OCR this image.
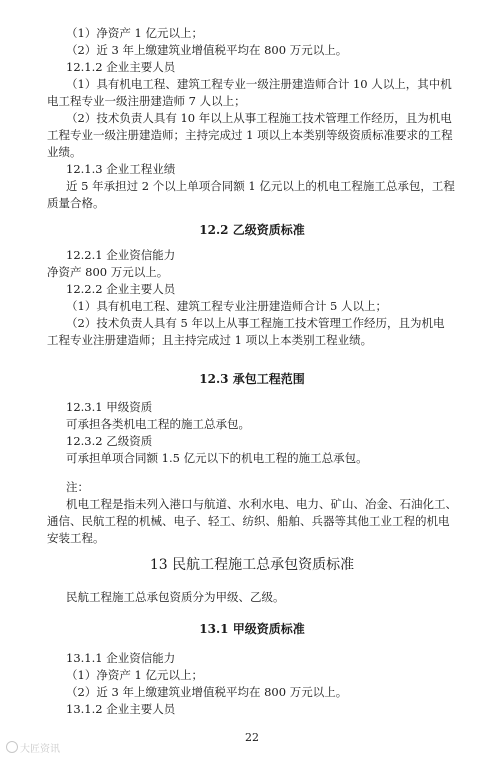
（1）净资产 1 亿元以上；
（2）近 3 年上缴建筑业增值税平均在 800 万元以上。
12.1.2 企业主要人员
（1）具有机电工程、建筑工程专业一级注册建造师合计 10 人以上，其中机
电工程专业一级注册建造师 7 人以上；
（2）技术负责人具有 10 年以上从事工程施工技术管理工作经历，且为机电
工程专业一级注册建造师；主持完成过 1 项以上本类别等级资质标准要求的工程
业绩。
12.1.3 企业工程业绩
近 5 年承担过 2 个以上单项合同额 1 亿元以上的机电工程施工总承包，工程
质量合格。
12.2 乙级资质标准
12.2.1 企业资信能力
净资产 800 万元以上。
12.2.2 企业主要人员
（1）具有机电工程、建筑工程专业注册建造师合计 5 人以上；
（2）技术负责人具有 5 年以上从事工程施工技术管理工作经历，且为机电
工程专业注册建造师；且主持完成过 1 项以上本类别工程业绩。
12.3 承包工程范围
12.3.1 甲级资质
可承担各类机电工程的施工总承包。
12.3.2 乙级资质
可承担单项合同额 1.5 亿元以下的机电工程的施工总承包。
注：
机电工程是指未列入港口与航道、水利水电、电力、矿山、冶金、石油化工、
通信、民航工程的机械、电子、轻工、纺织、船舶、兵器等其他工业工程的机电
安装工程。
13 民航工程施工总承包资质标准
民航工程施工总承包资质分为甲级、乙级。
13.1 甲级资质标准
13.1.1 企业资信能力
（1）净资产 1 亿元以上；
（2）近 3 年上缴建筑业增值税平均在 800 万元以上。
13.1.2 企业主要人员
22
大匠资讯
